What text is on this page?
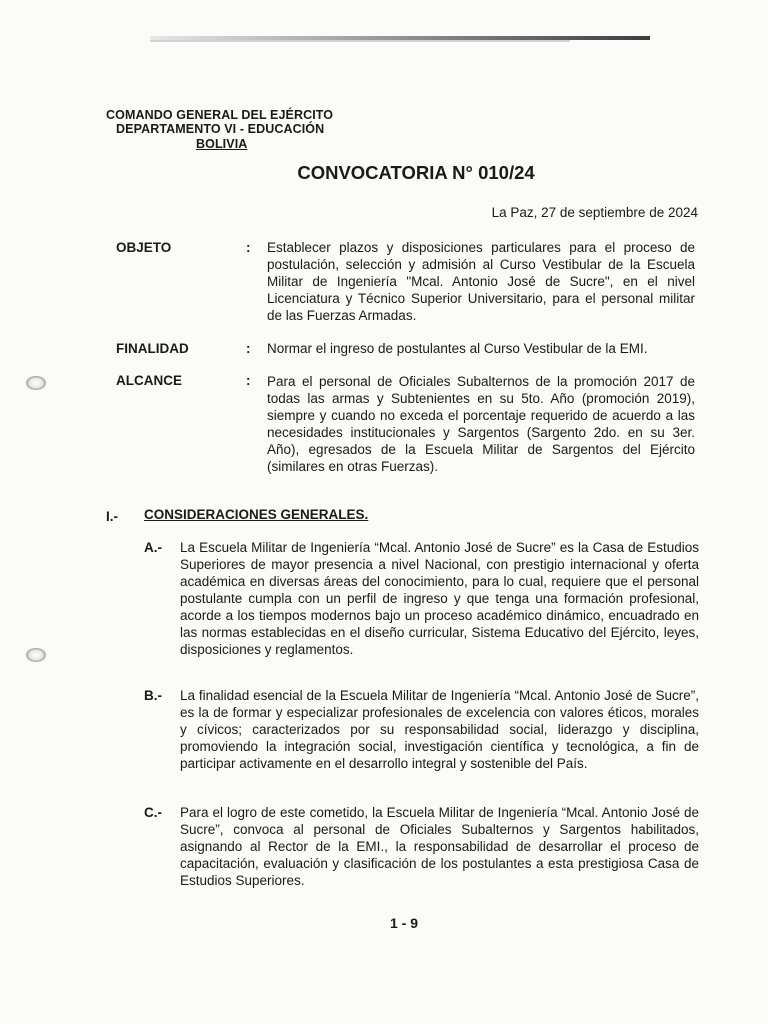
COMANDO GENERAL DEL EJÉRCITO
DEPARTAMENTO VI - EDUCACIÓN
BOLIVIA
CONVOCATORIA N° 010/24
La Paz, 27 de septiembre de 2024
OBJETO	: Establecer plazos y disposiciones particulares para el proceso de postulación, selección y admisión al Curso Vestibular de la Escuela Militar de Ingeniería "Mcal. Antonio José de Sucre", en el nivel Licenciatura y Técnico Superior Universitario, para el personal militar de las Fuerzas Armadas.
FINALIDAD	: Normar el ingreso de postulantes al Curso Vestibular de la EMI.
ALCANCE	: Para el personal de Oficiales Subalternos de la promoción 2017 de todas las armas y Subtenientes en su 5to. Año (promoción 2019), siempre y cuando no exceda el porcentaje requerido de acuerdo a las necesidades institucionales y Sargentos (Sargento 2do. en su 3er. Año), egresados de la Escuela Militar de Sargentos del Ejército (similares en otras Fuerzas).
I.- CONSIDERACIONES GENERALES.
A.- La Escuela Militar de Ingeniería “Mcal. Antonio José de Sucre” es la Casa de Estudios Superiores de mayor presencia a nivel Nacional, con prestigio internacional y oferta académica en diversas áreas del conocimiento, para lo cual, requiere que el personal postulante cumpla con un perfil de ingreso y que tenga una formación profesional, acorde a los tiempos modernos bajo un proceso académico dinámico, encuadrado en las normas establecidas en el diseño curricular, Sistema Educativo del Ejército, leyes, disposiciones y reglamentos.
B.- La finalidad esencial de la Escuela Militar de Ingeniería “Mcal. Antonio José de Sucre”, es la de formar y especializar profesionales de excelencia con valores éticos, morales y cívicos; caracterizados por su responsabilidad social, liderazgo y disciplina, promoviendo la integración social, investigación científica y tecnológica, a fin de participar activamente en el desarrollo integral y sostenible del País.
C.- Para el logro de este cometido, la Escuela Militar de Ingeniería “Mcal. Antonio José de Sucre”, convoca al personal de Oficiales Subalternos y Sargentos habilitados, asignando al Rector de la EMI., la responsabilidad de desarrollar el proceso de capacitación, evaluación y clasificación de los postulantes a esta prestigiosa Casa de Estudios Superiores.
1 - 9
